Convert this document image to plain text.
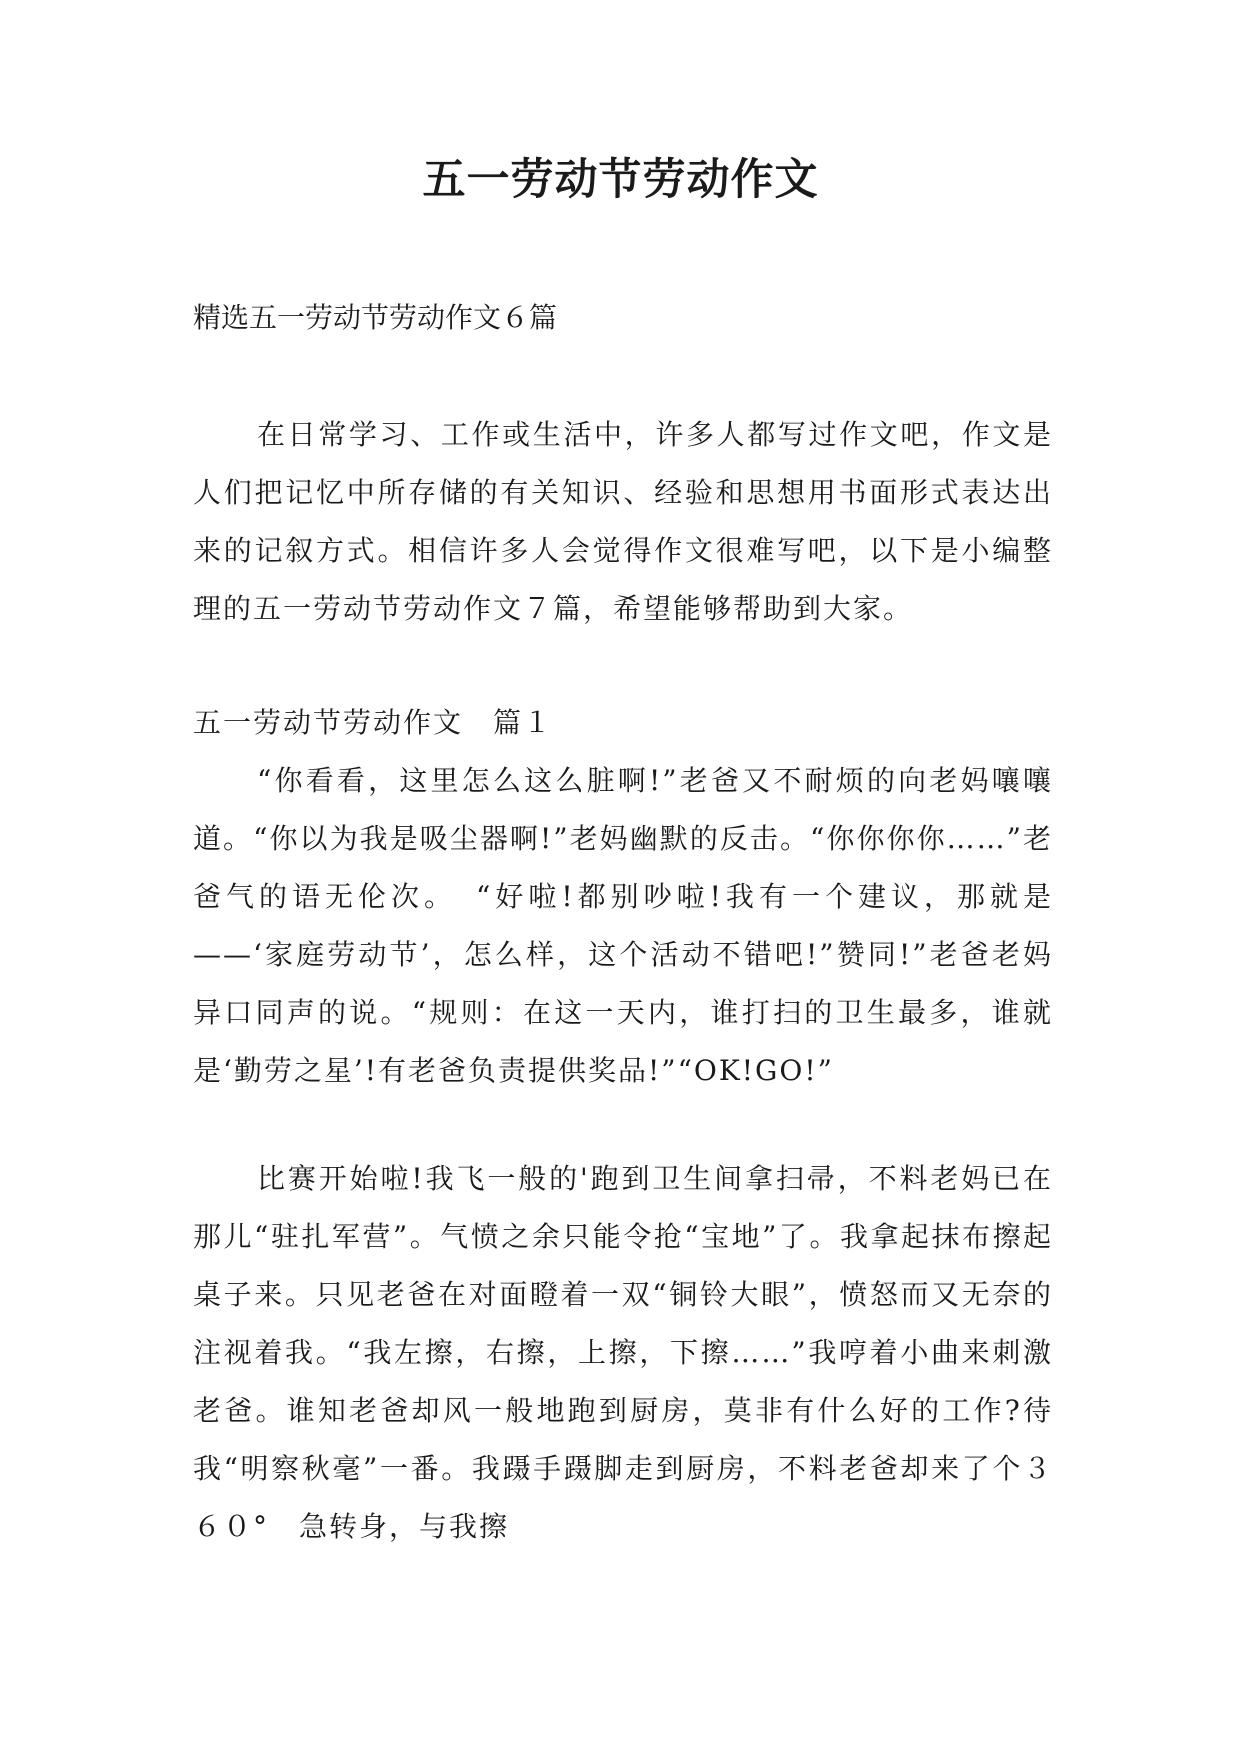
五一劳动节劳动作文
精选五一劳动节劳动作文６篇
在日常学习、工作或生活中，许多人都写过作文吧，作文是人们把记忆中所存储的有关知识、经验和思想用书面形式表达出来的记叙方式。相信许多人会觉得作文很难写吧，以下是小编整理的五一劳动节劳动作文７篇，希望能够帮助到大家。
五一劳动节劳动作文　篇１
“你看看，这里怎么这么脏啊!”老爸又不耐烦的向老妈嚷嚷道。“你以为我是吸尘器啊!”老妈幽默的反击。“你你你你……”老爸气的语无伦次。　“好啦!都别吵啦!我有一个建议，那就是——‘家庭劳动节’，怎么样，这个活动不错吧!”赞同!”老爸老妈异口同声的说。“规则：在这一天内，谁打扫的卫生最多，谁就是‘勤劳之星’!有老爸负责提供奖品!”“OK!GO!”
比赛开始啦!我飞一般的'跑到卫生间拿扫帚，不料老妈已在那儿“驻扎军营”。气愤之余只能令抢“宝地”了。我拿起抹布擦起桌子来。只见老爸在对面瞪着一双“铜铃大眼”，愤怒而又无奈的注视着我。“我左擦，右擦，上擦，下擦……”我哼着小曲来刺激老爸。谁知老爸却风一般地跑到厨房，莫非有什么好的工作?待我“明察秋毫”一番。我蹑手蹑脚走到厨房，不料老爸却来了个３６０°　急转身，与我擦
